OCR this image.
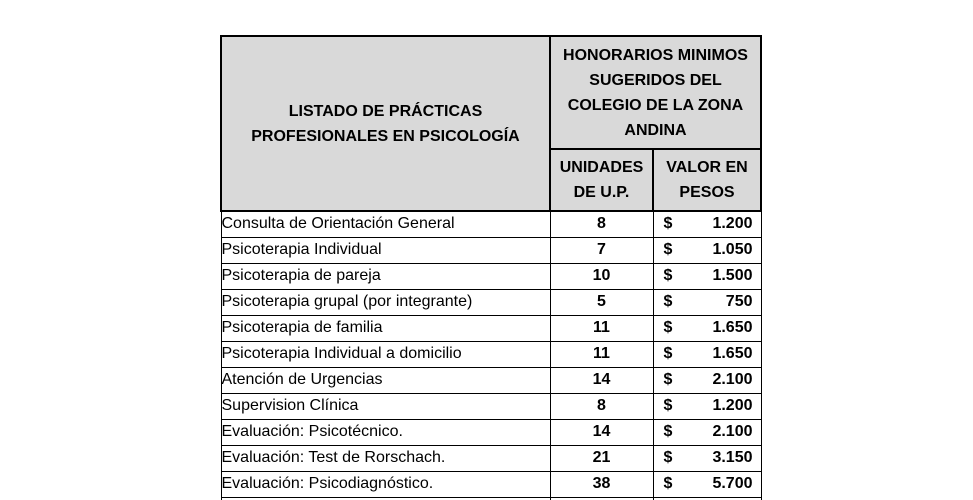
LISTADO DE PRÁCTICAS PROFESIONALES EN PSICOLOGÍA	HONORARIOS MINIMOS SUGERIDOS DEL COLEGIO DE LA ZONA ANDINA	
	UNIDADES DE U.P.	VALOR EN PESOS
Consulta de Orientación General	8	$ 1.200

Psicoterapia Individual	7	$ 1.050

Psicoterapia de pareja	10	$ 1.500

Psicoterapia grupal (por integrante)	5	$ 750

Psicoterapia de familia	11	$ 1.650

Psicoterapia Individual a domicilio	11	$ 1.650

Atención de Urgencias	14	$ 2.100

Supervision Clínica	8	$ 1.200

Evaluación: Psicotécnico.	14	$ 2.100

Evaluación: Test de Rorschach.	21	$ 3.150

Evaluación: Psicodiagnóstico.	38	$ 5.700
